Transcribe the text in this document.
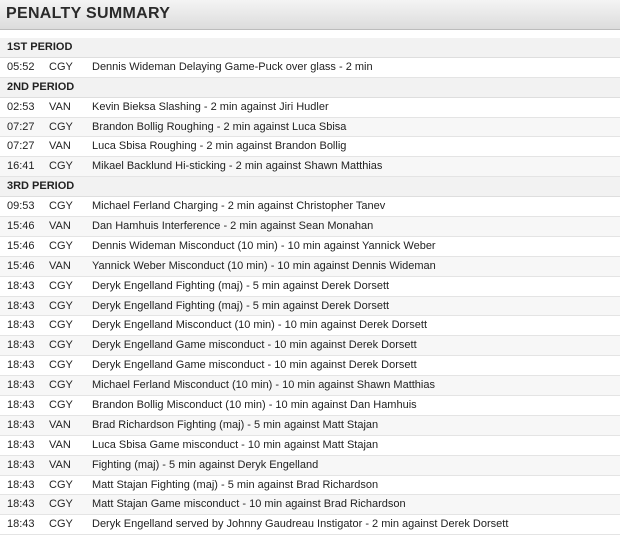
PENALTY SUMMARY
1ST PERIOD
05:52 CGY Dennis Wideman Delaying Game-Puck over glass - 2 min
2ND PERIOD
02:53 VAN Kevin Bieksa Slashing - 2 min against Jiri Hudler
07:27 CGY Brandon Bollig Roughing - 2 min against Luca Sbisa
07:27 VAN Luca Sbisa Roughing - 2 min against Brandon Bollig
16:41 CGY Mikael Backlund Hi-sticking - 2 min against Shawn Matthias
3RD PERIOD
09:53 CGY Michael Ferland Charging - 2 min against Christopher Tanev
15:46 VAN Dan Hamhuis Interference - 2 min against Sean Monahan
15:46 CGY Dennis Wideman Misconduct (10 min) - 10 min against Yannick Weber
15:46 VAN Yannick Weber Misconduct (10 min) - 10 min against Dennis Wideman
18:43 CGY Deryk Engelland Fighting (maj) - 5 min against Derek Dorsett
18:43 CGY Deryk Engelland Fighting (maj) - 5 min against Derek Dorsett
18:43 CGY Deryk Engelland Misconduct (10 min) - 10 min against Derek Dorsett
18:43 CGY Deryk Engelland Game misconduct - 10 min against Derek Dorsett
18:43 CGY Deryk Engelland Game misconduct - 10 min against Derek Dorsett
18:43 CGY Michael Ferland Misconduct (10 min) - 10 min against Shawn Matthias
18:43 CGY Brandon Bollig Misconduct (10 min) - 10 min against Dan Hamhuis
18:43 VAN Brad Richardson Fighting (maj) - 5 min against Matt Stajan
18:43 VAN Luca Sbisa Game misconduct - 10 min against Matt Stajan
18:43 VAN Fighting (maj) - 5 min against Deryk Engelland
18:43 CGY Matt Stajan Fighting (maj) - 5 min against Brad Richardson
18:43 CGY Matt Stajan Game misconduct - 10 min against Brad Richardson
18:43 CGY Deryk Engelland served by Johnny Gaudreau Instigator - 2 min against Derek Dorsett
